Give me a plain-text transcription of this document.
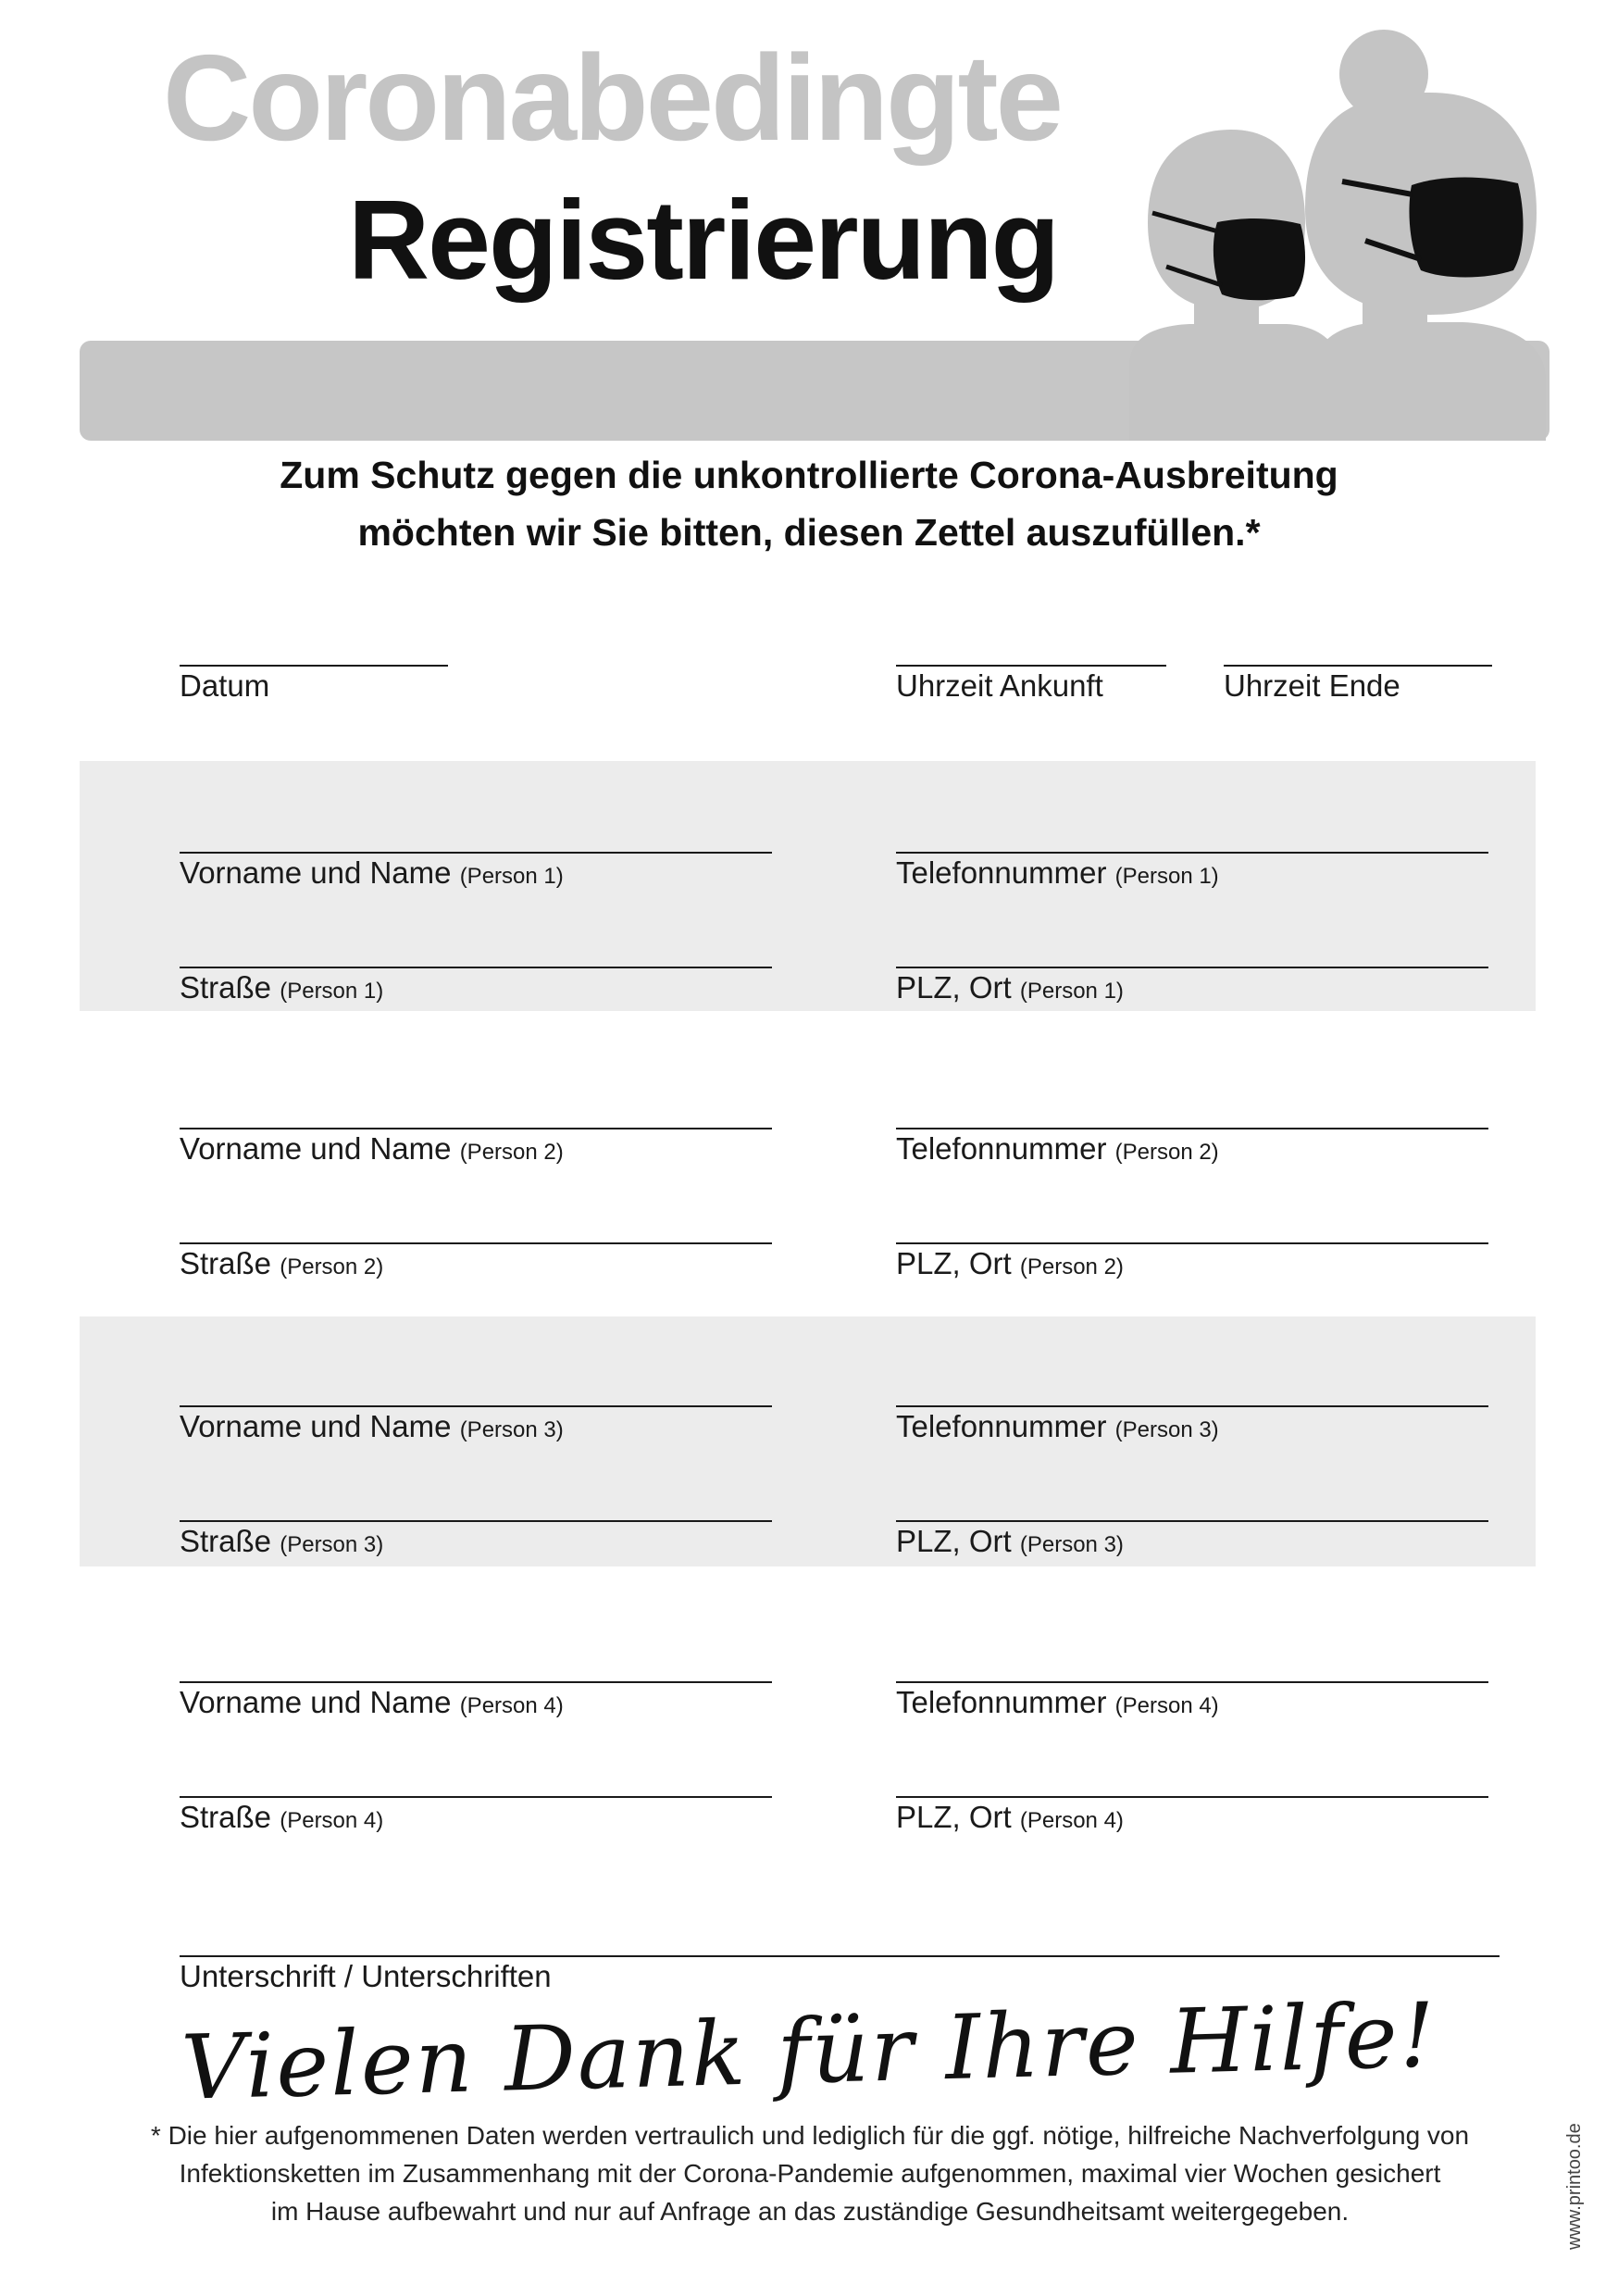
Coronabedingte
Registrierung
Zum Schutz gegen die unkontrollierte Corona-Ausbreitung
möchten wir Sie bitten, diesen Zettel auszufüllen.*
Datum	Uhrzeit Ankunft	Uhrzeit Ende
Vorname und Name (Person 1)	Telefonnummer (Person 1)
Straße (Person 1)	PLZ, Ort (Person 1)
Vorname und Name (Person 2)	Telefonnummer (Person 2)
Straße (Person 2)	PLZ, Ort (Person 2)
Vorname und Name (Person 3)	Telefonnummer (Person 3)
Straße (Person 3)	PLZ, Ort (Person 3)
Vorname und Name (Person 4)	Telefonnummer (Person 4)
Straße (Person 4)	PLZ, Ort (Person 4)
Unterschrift / Unterschriften
Vielen Dank für Ihre Hilfe!
* Die hier aufgenommenen Daten werden vertraulich und lediglich für die ggf. nötige, hilfreiche Nachverfolgung von
Infektionsketten im Zusammenhang mit der Corona-Pandemie aufgenommen, maximal vier Wochen gesichert
im Hause aufbewahrt und nur auf Anfrage an das zuständige Gesundheitsamt weitergegeben.	www.printoo.de
